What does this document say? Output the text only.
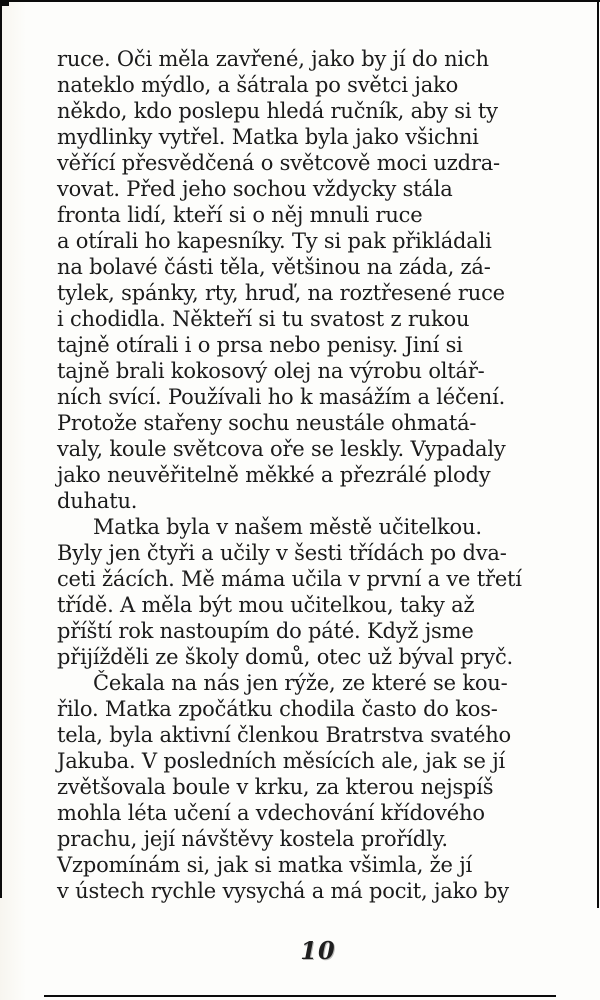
ruce. Oči měla zavřené, jako by jí do nich
nateklo mýdlo, a šátrala po světci jako
někdo, kdo poslepu hledá ručník, aby si ty
mydlinky vytřel. Matka byla jako všichni
věřící přesvědčená o světcově moci uzdra-
vovat. Před jeho sochou vždycky stála
fronta lidí, kteří si o něj mnuli ruce
a otírali ho kapesníky. Ty si pak přikládali
na bolavé části těla, většinou na záda, zá-
tylek, spánky, rty, hruď, na roztřesené ruce
i chodidla. Někteří si tu svatost z rukou
tajně otírali i o prsa nebo penisy. Jiní si
tajně brali kokosový olej na výrobu oltář-
ních svící. Používali ho k masážím a léčení.
Protože stařeny sochu neustále ohmatá-
valy, koule světcova oře se leskly. Vypadaly
jako neuvěřitelně měkké a přezrálé plody
duhatu.
Matka byla v našem městě učitelkou.
Byly jen čtyři a učily v šesti třídách po dva-
ceti žácích. Mě máma učila v první a ve třetí
třídě. A měla být mou učitelkou, taky až
příští rok nastoupím do páté. Když jsme
přijížděli ze školy domů, otec už býval pryč.
Čekala na nás jen rýže, ze které se kou-
řilo. Matka zpočátku chodila často do kos-
tela, byla aktivní členkou Bratrstva svatého
Jakuba. V posledních měsících ale, jak se jí
zvětšovala boule v krku, za kterou nejspíš
mohla léta učení a vdechování křídového
prachu, její návštěvy kostela prořídly.
Vzpomínám si, jak si matka všimla, že jí
v ústech rychle vysychá a má pocit, jako by
10
